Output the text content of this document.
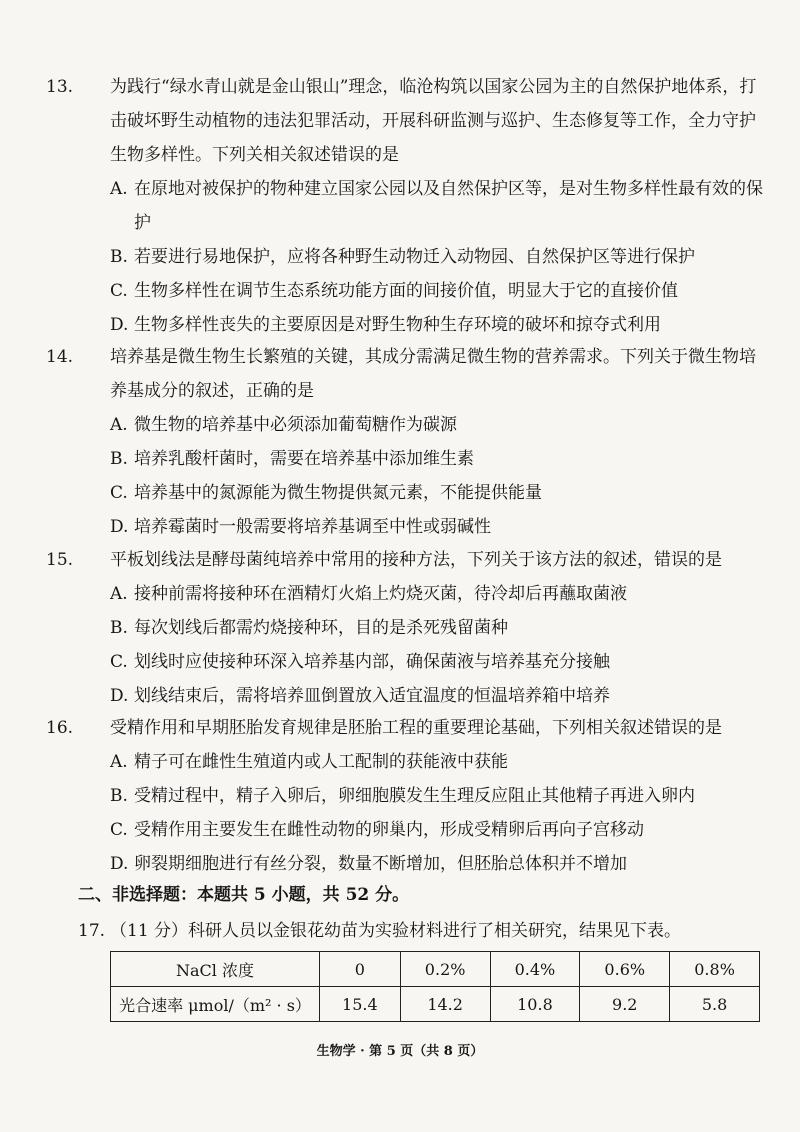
13. 为践行“绿水青山就是金山银山”理念，临沧构筑以国家公园为主的自然保护地体系，打击破坏野生动植物的违法犯罪活动，开展科研监测与巡护、生态修复等工作，全力守护生物多样性。下列关相关叙述错误的是
A. 在原地对被保护的物种建立国家公园以及自然保护区等，是对生物多样性最有效的保护
B. 若要进行易地保护，应将各种野生动物迁入动物园、自然保护区等进行保护
C. 生物多样性在调节生态系统功能方面的间接价值，明显大于它的直接价值
D. 生物多样性丧失的主要原因是对野生物种生存环境的破坏和掠夺式利用
14. 培养基是微生物生长繁殖的关键，其成分需满足微生物的营养需求。下列关于微生物培养基成分的叙述，正确的是
A. 微生物的培养基中必须添加葡萄糖作为碳源
B. 培养乳酸杆菌时，需要在培养基中添加维生素
C. 培养基中的氮源能为微生物提供氮元素，不能提供能量
D. 培养霉菌时一般需要将培养基调至中性或弱碱性
15. 平板划线法是酵母菌纯培养中常用的接种方法，下列关于该方法的叙述，错误的是
A. 接种前需将接种环在酒精灯火焰上灼烧灭菌，待冷却后再蘸取菌液
B. 每次划线后都需灼烧接种环，目的是杀死残留菌种
C. 划线时应使接种环深入培养基内部，确保菌液与培养基充分接触
D. 划线结束后，需将培养皿倒置放入适宜温度的恒温培养箱中培养
16. 受精作用和早期胚胎发育规律是胚胎工程的重要理论基础，下列相关叙述错误的是
A. 精子可在雌性生殖道内或人工配制的获能液中获能
B. 受精过程中，精子入卵后，卵细胞膜发生生理反应阻止其他精子再进入卵内
C. 受精作用主要发生在雌性动物的卵巢内，形成受精卵后再向子宫移动
D. 卵裂期细胞进行有丝分裂，数量不断增加，但胚胎总体积并不增加
二、非选择题：本题共 5 小题，共 52 分。
17. （11 分）科研人员以金银花幼苗为实验材料进行了相关研究，结果见下表。
NaCl 浓度	0	0.2%	0.4%	0.6%	0.8%
光合速率 μmol/（m² · s）	15.4	14.2	10.8	9.2	5.8
生物学 · 第 5 页（共 8 页）
